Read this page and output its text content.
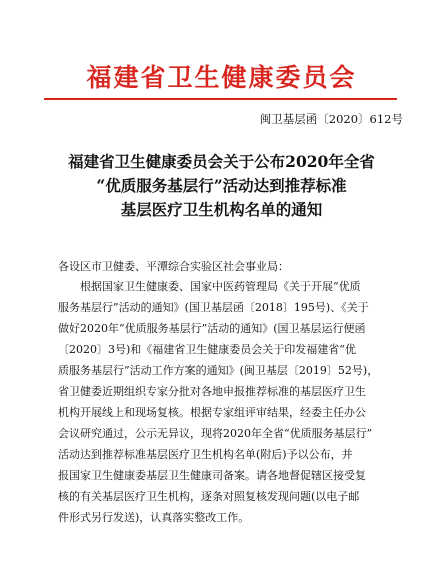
福建省卫生健康委员会
闽卫基层函〔2020〕612号
福建省卫生健康委员会关于公布2020年全省
“优质服务基层行”活动达到推荐标准
基层医疗卫生机构名单的通知
各设区市卫健委、平潭综合实验区社会事业局：
根据国家卫生健康委、国家中医药管理局《关于开展“优质
服务基层行”活动的通知》(国卫基层函〔2018〕195号)、《关于
做好2020年“优质服务基层行”活动的通知》(国卫基层运行便函
〔2020〕3号)和《福建省卫生健康委员会关于印发福建省“优
质服务基层行”活动工作方案的通知》(闽卫基层〔2019〕52号)，
省卫健委近期组织专家分批对各地申报推荐标准的基层医疗卫生
机构开展线上和现场复核。根据专家组评审结果，经委主任办公
会议研究通过，公示无异议，现将2020年全省“优质服务基层行”
活动达到推荐标准基层医疗卫生机构名单(附后)予以公布，并
报国家卫生健康委基层卫生健康司备案。请各地督促辖区接受复
核的有关基层医疗卫生机构，逐条对照复核发现问题(以电子邮
件形式另行发送)，认真落实整改工作。
